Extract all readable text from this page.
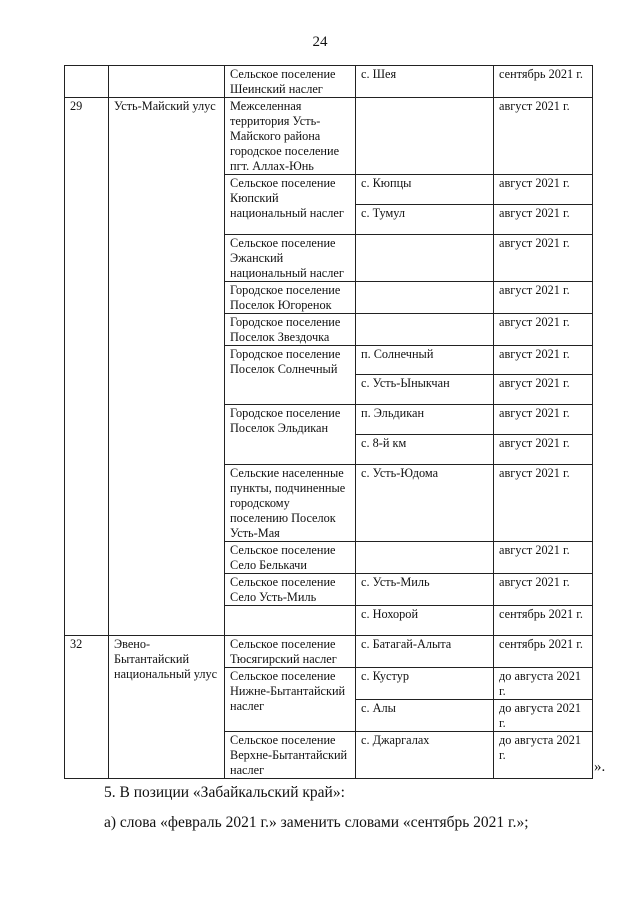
24
		Сельское поселение Шеинский наслег	с. Шея	сентябрь 2021 г.
29	Усть-Майский улус	Межселенная территория Усть-Майского района городское поселение пгт. Аллах-Юнь		август 2021 г.
		Сельское поселение Кюпский национальный наслег	с. Кюпцы	август 2021 г.
			с. Тумул	август 2021 г.
		Сельское поселение Эжанский национальный наслег		август 2021 г.
		Городское поселение Поселок Югоренок		август 2021 г.
		Городское поселение Поселок Звездочка		август 2021 г.
		Городское поселение Поселок Солнечный	п. Солнечный	август 2021 г.
			с. Усть-Ыныкчан	август 2021 г.
		Городское поселение Поселок Эльдикан	п. Эльдикан	август 2021 г.
			с. 8-й км	август 2021 г.
		Сельские населенные пункты, подчиненные городскому поселению Поселок Усть-Мая	с. Усть-Юдома	август 2021 г.
		Сельское поселение Село Белькачи		август 2021 г.
		Сельское поселение Село Усть-Миль	с. Усть-Миль	август 2021 г.
			с. Нохорой	сентябрь 2021 г.
32	Эвено-Бытантайский национальный улус	Сельское поселение Тюсягирский наслег	с. Батагай-Алыта	сентябрь 2021 г.
		Сельское поселение Нижне-Бытантайский наслег	с. Кустур	до августа 2021 г.
			с. Алы	до августа 2021 г.
		Сельское поселение Верхне-Бытантайский наслег	с. Джаргалах	до августа 2021 г.
».
5. В позиции «Забайкальский край»:
а) слова «февраль 2021 г.» заменить словами «сентябрь 2021 г.»;
